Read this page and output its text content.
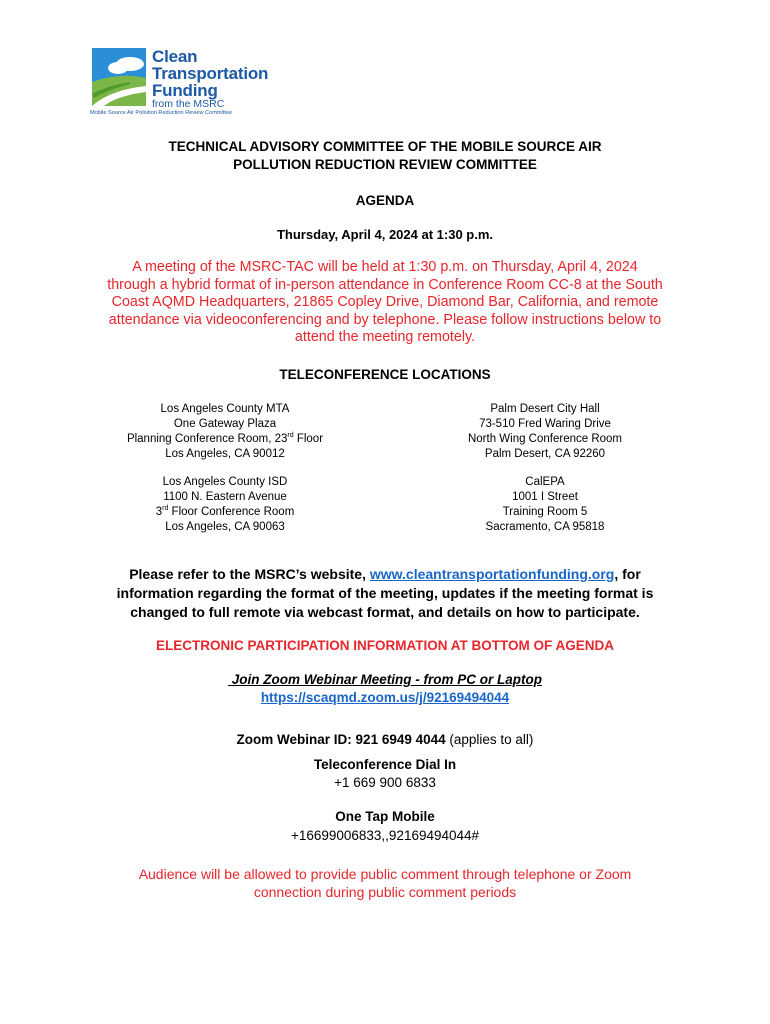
Clean
Transportation
Funding
from the MSRC
Mobile Source Air Pollution Reduction Review Committee
TECHNICAL ADVISORY COMMITTEE OF THE MOBILE SOURCE AIR
POLLUTION REDUCTION REVIEW COMMITTEE
AGENDA
Thursday, April 4, 2024 at 1:30 p.m.
A meeting of the MSRC-TAC will be held at 1:30 p.m. on Thursday, April 4, 2024
through a hybrid format of in-person attendance in Conference Room CC-8 at the South
Coast AQMD Headquarters, 21865 Copley Drive, Diamond Bar, California, and remote
attendance via videoconferencing and by telephone. Please follow instructions below to
attend the meeting remotely.
TELECONFERENCE LOCATIONS
Los Angeles County MTA
One Gateway Plaza
Planning Conference Room, 23rd Floor
Los Angeles, CA 90012
Palm Desert City Hall
73-510 Fred Waring Drive
North Wing Conference Room
Palm Desert, CA 92260
Los Angeles County ISD
1100 N. Eastern Avenue
3rd Floor Conference Room
Los Angeles, CA 90063
CalEPA
1001 I Street
Training Room 5
Sacramento, CA 95818
Please refer to the MSRC’s website, www.cleantransportationfunding.org, for
information regarding the format of the meeting, updates if the meeting format is
changed to full remote via webcast format, and details on how to participate.
ELECTRONIC PARTICIPATION INFORMATION AT BOTTOM OF AGENDA
Join Zoom Webinar Meeting - from PC or Laptop
https://scaqmd.zoom.us/j/92169494044
Zoom Webinar ID: 921 6949 4044 (applies to all)
Teleconference Dial In
+1 669 900 6833
One Tap Mobile
+16699006833,,92169494044#
Audience will be allowed to provide public comment through telephone or Zoom
connection during public comment periods
